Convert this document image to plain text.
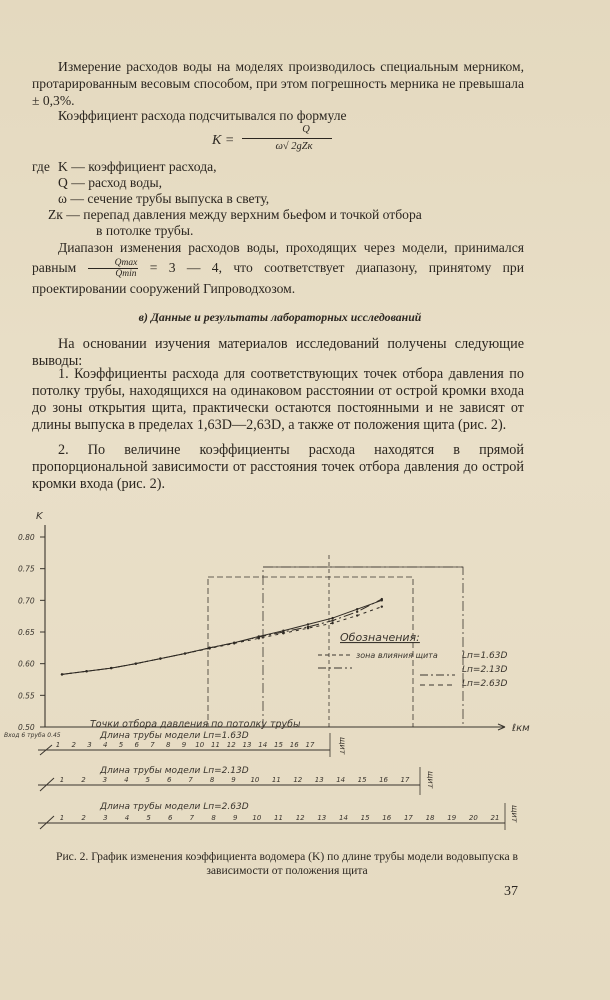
Измерение расходов воды на моделях производилось специальным мерником, протарированным весовым способом, при этом погрешность мерника не превышала ± 0,3%.
Коэффициент расхода подсчитывался по формуле
K =
Q
ω√ 2gZк
где K — коэффициент расхода,
Q — расход воды,
ω — сечение трубы выпуска в свету,
Zк — перепад давления между верхним бьефом и точкой отбора
в потолке трубы.
Диапазон изменения расходов воды, проходящих через модели, принимался равным $\frac{Qmax}{Qmin} = 3$ — 4, что соответствует диапазону, принятому при проектировании сооружений Гипроводхозом.
в) Данные и результаты лабораторных исследований
На основании изучения материалов исследований получены следующие выводы:
1. Коэффициенты расхода для соответствующих точек отбора давления по потолку трубы, находящихся на одинаковом расстоянии от острой кромки входа до зоны открытия щита, практически остаются постоянными и не зависят от длины выпуска в пределах 1,63D—2,63D, а также от положения щита (рис. 2).
2. По величине коэффициенты расхода находятся в прямой пропорциональной зависимости от расстояния точек отбора давления до острой кромки входа (рис. 2).
0.80
0.75
0.70
0.65
0.60
0.55
0.50
1 2 3 4 5 6 7 8 9 10 11 12 13 14 15 16 17
1 2 3 4 5 6 7 8 9 10 11 12 13 14 15 16 17
1 2 3 4 5 6 7 8 9 10 11 12 13 14 15 16 17 18 19 20 21
K
ℓкм
Точки отбора давления по потолку трубы
Обозначения:
зона влияния щита	Lп=1.63D
Lп=2.13D
Lп=2.63D
Вход 6 труба 0.45	Длина трубы модели Lп=1.63D
Длина трубы модели Lп=2.13D
Длина трубы модели Lп=2.63D
щит
щит
щит
Рис. 2. График изменения коэффициента водомера (K) по длине трубы модели водовыпуска в зависимости от положения щита
37
